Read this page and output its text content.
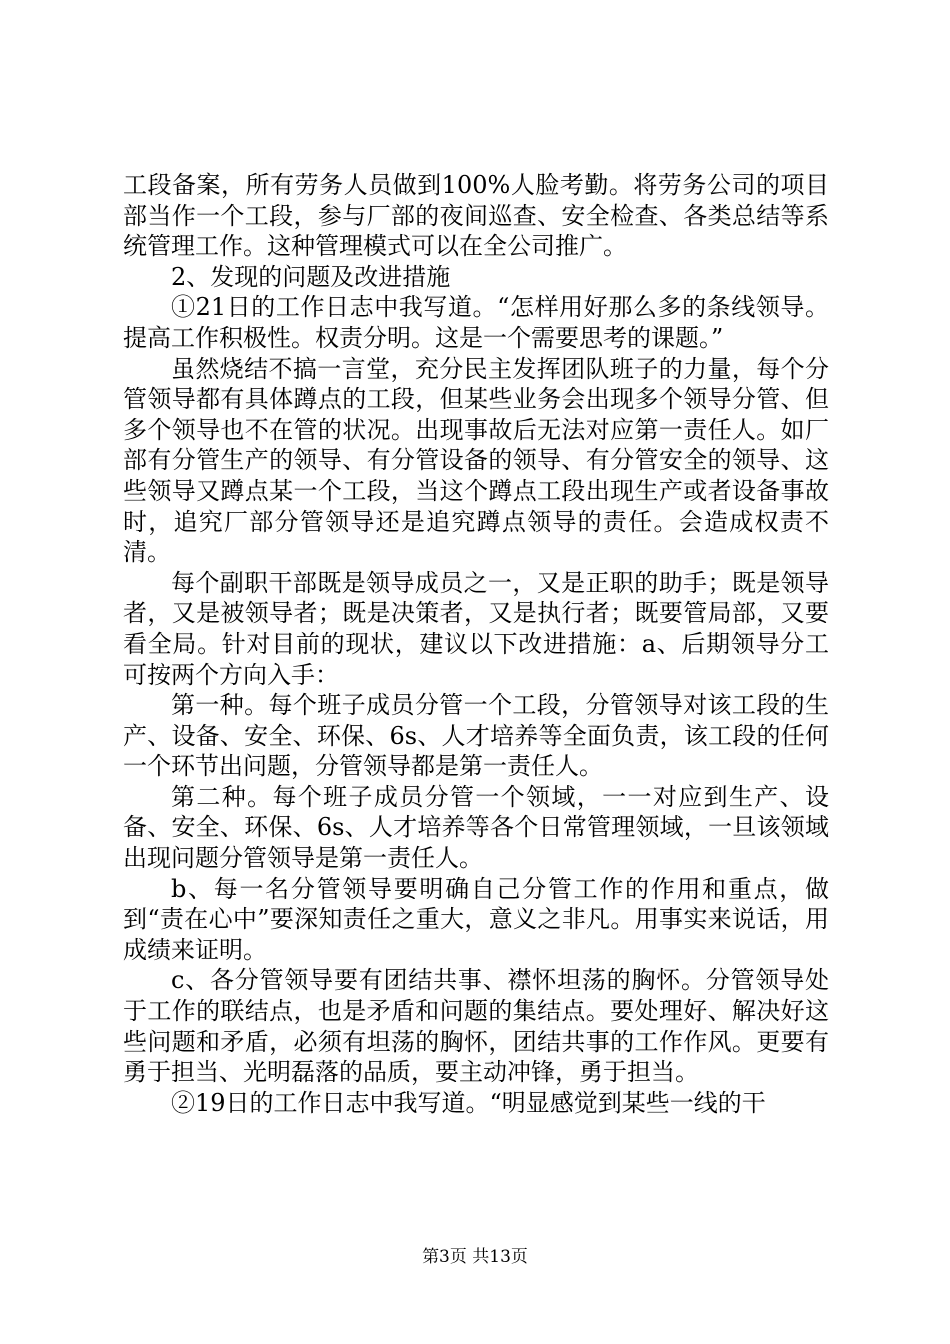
工段备案，所有劳务人员做到100%人脸考勤。将劳务公司的项目部当作一个工段，参与厂部的夜间巡查、安全检查、各类总结等系统管理工作。这种管理模式可以在全公司推广。

2、发现的问题及改进措施

①21日的工作日志中我写道。“怎样用好那么多的条线领导。提高工作积极性。权责分明。这是一个需要思考的课题。”

虽然烧结不搞一言堂，充分民主发挥团队班子的力量，每个分管领导都有具体蹲点的工段，但某些业务会出现多个领导分管、但多个领导也不在管的状况。出现事故后无法对应第一责任人。如厂部有分管生产的领导、有分管设备的领导、有分管安全的领导、这些领导又蹲点某一个工段，当这个蹲点工段出现生产或者设备事故时，追究厂部分管领导还是追究蹲点领导的责任。会造成权责不清。

每个副职干部既是领导成员之一，又是正职的助手；既是领导者，又是被领导者；既是决策者，又是执行者；既要管局部，又要看全局。针对目前的现状，建议以下改进措施：a、后期领导分工可按两个方向入手：

第一种。每个班子成员分管一个工段，分管领导对该工段的生产、设备、安全、环保、6s、人才培养等全面负责，该工段的任何一个环节出问题，分管领导都是第一责任人。

第二种。每个班子成员分管一个领域，一一对应到生产、设备、安全、环保、6s、人才培养等各个日常管理领域，一旦该领域出现问题分管领导是第一责任人。

b、每一名分管领导要明确自己分管工作的作用和重点，做到“责在心中”要深知责任之重大，意义之非凡。用事实来说话，用成绩来证明。

c、各分管领导要有团结共事、襟怀坦荡的胸怀。分管领导处于工作的联结点，也是矛盾和问题的集结点。要处理好、解决好这些问题和矛盾，必须有坦荡的胸怀，团结共事的工作作风。更要有勇于担当、光明磊落的品质，要主动冲锋，勇于担当。

②19日的工作日志中我写道。“明显感觉到某些一线的干

第3页 共13页
